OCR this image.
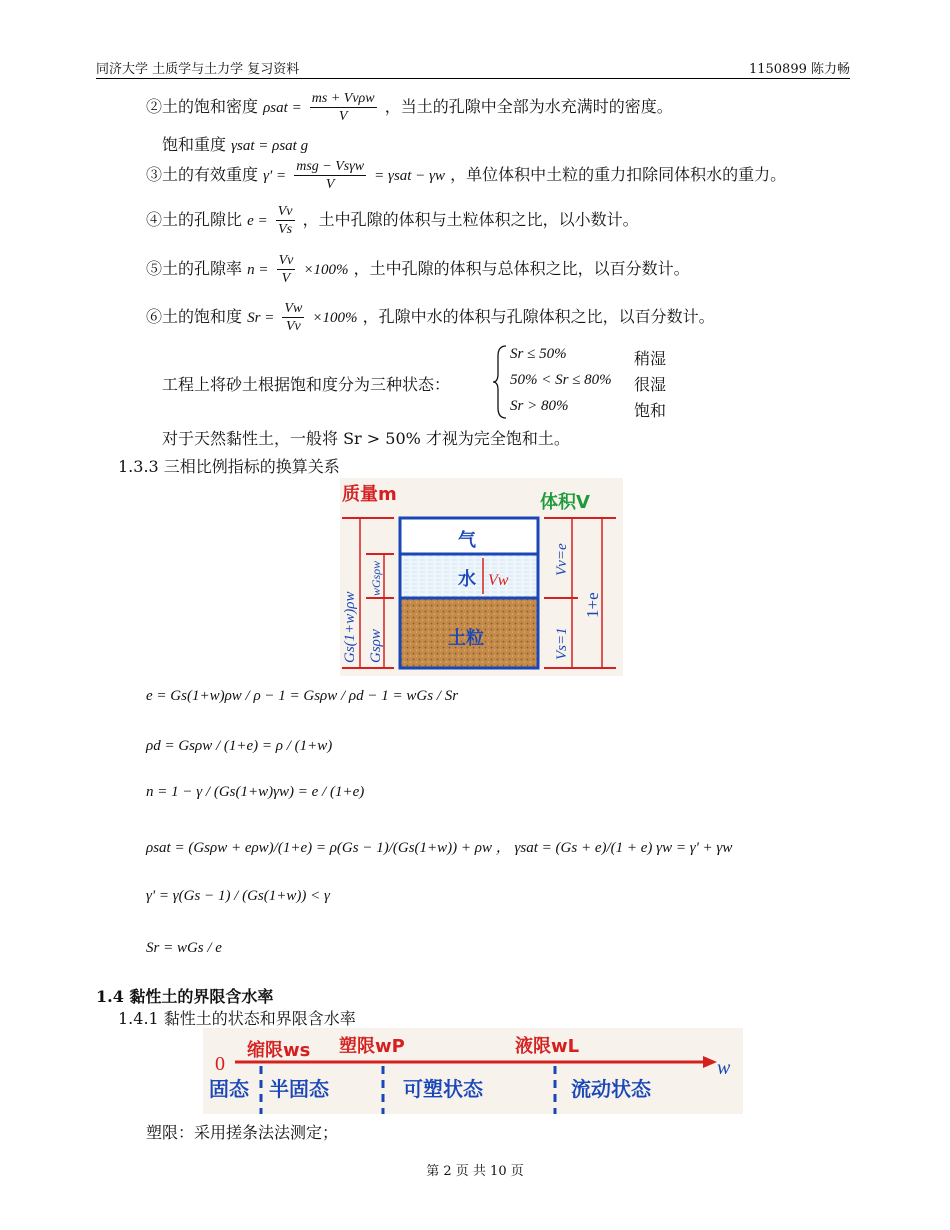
同济大学 土质学与土力学 复习资料	1150899 陈力畅
②土的饱和密度 ρsat =
ms + Vvρw
V
，当土的孔隙中全部为水充满时的密度。
饱和重度 γsat = ρsat g
③土的有效重度 γ' =
msg − Vsγw
V
= γsat − γw ，单位体积中土粒的重力扣除同体积水的重力。
④土的孔隙比 $e = \frac{Vv}{Vs}$ ，土中孔隙的体积与土粒体积之比，以小数计。
⑤土的孔隙率 $n = \frac{Vv}{V} \times 100\%$ ，土中孔隙的体积与总体积之比，以百分数计。
⑥土的饱和度 $Sr = \frac{Vw}{Vv} \times 100\%$ ，孔隙中水的体积与孔隙体积之比，以百分数计。
工程上将砂土根据饱和度分为三种状态：
Sr ≤ 50%	稍湿
50% < Sr ≤ 80% 很湿
Sr > 80%	饱和
对于天然黏性土，一般将 Sr > 50% 才视为完全饱和土。
1.3.3 三相比例指标的换算关系
质量m	体积V
气
水 Vw
土粒
Gs(1+w)ρw
wGsρw
Gsρw
Vv=e
Vs=1
1+e
e = Gs(1+w)ρw / ρ − 1 = Gsρw / ρd − 1 = wGs / Sr
ρd = Gsρw / (1+e) = ρ / (1+w)
n = 1 − γ / (Gs(1+w)γw) = e / (1+e)
ρsat = (Gsρw + eρw)/(1+e) = ρ(Gs − 1)/(Gs(1+w)) + ρw ， γsat = (Gs + e)/(1 + e) γw = γ' + γw
γ' = γ(Gs − 1) / (Gs(1+w)) < γ
Sr = wGs / e
1.4 黏性土的界限含水率
1.4.1 黏性土的状态和界限含水率
0	w
缩限ws 塑限wP	液限wL
固态 半固态	可塑状态	流动状态
塑限：采用搓条法法测定；
第 2 页 共 10 页
